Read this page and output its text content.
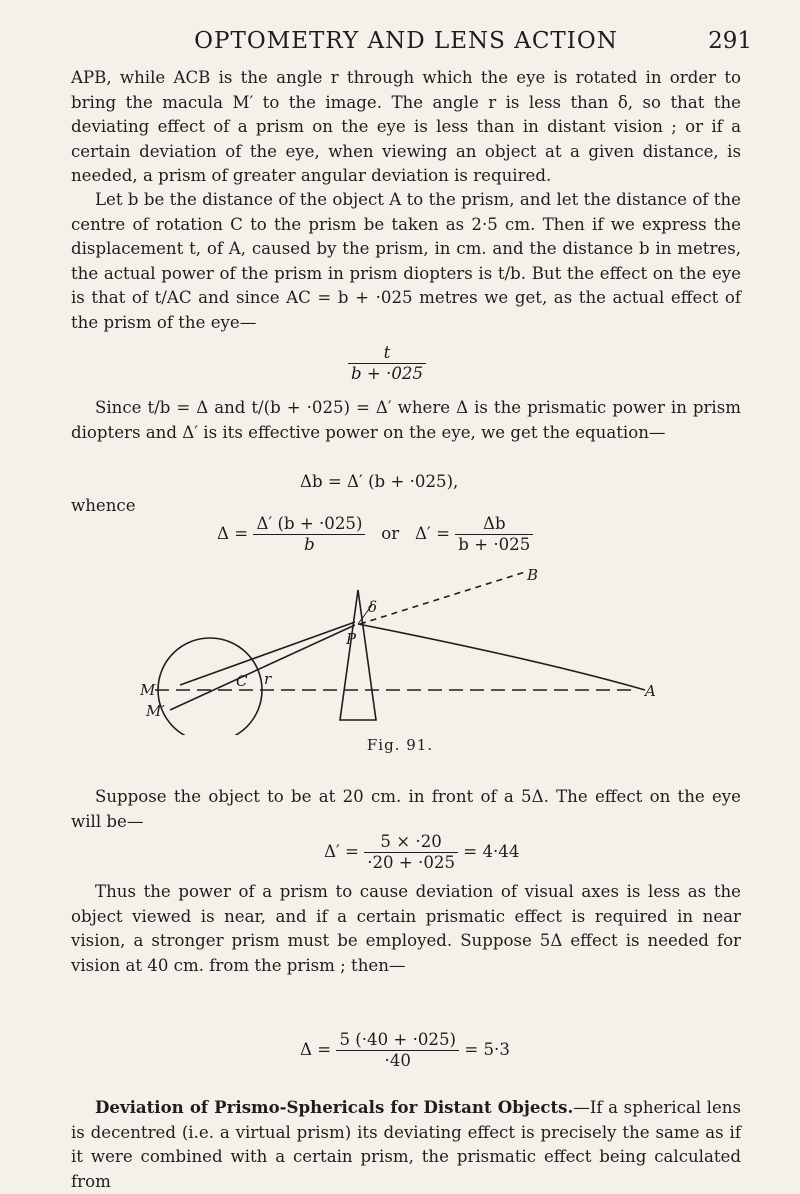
OPTOMETRY AND LENS ACTION	291

APB, while ACB is the angle r through which the eye is rotated in order to bring the macula M′ to the image. The angle r is less than δ, so that the deviating effect of a prism on the eye is less than in distant vision ; or if a certain deviation of the eye, when viewing an object at a given distance, is needed, a prism of greater angular deviation is required.

Let b be the distance of the object A to the prism, and let the distance of the centre of rotation C to the prism be taken as 2·5 cm. Then if we express the displacement t, of A, caused by the prism, in cm. and the distance b in metres, the actual power of the prism in prism diopters is t/b. But the effect on the eye is that of t/AC and since AC = b + ·025 metres we get, as the actual effect of the prism of the eye—

$\frac{t}{b + \cdot 025}$

Since t/b = Δ and t/(b + ·025) = Δ′ where Δ is the prismatic power in prism diopters and Δ′ is its effective power on the eye, we get the equation—

Δb = Δ′ (b + ·025),
whence
$\Delta = \frac{\Delta' (b + \cdot 025)}{b}$ or $\Delta' = \frac{\Delta b}{b + \cdot 025}$
B
δ
P
M
M′
C r
A
Fig. 91.

Suppose the object to be at 20 cm. in front of a 5Δ. The effect on the eye will be—

$\Delta' = \frac{5 \times \cdot 20}{\cdot 20 + \cdot 025} = 4\cdot 44$

Thus the power of a prism to cause deviation of visual axes is less as the object viewed is near, and if a certain prismatic effect is required in near vision, a stronger prism must be employed. Suppose 5Δ effect is needed for vision at 40 cm. from the prism ; then—

$\Delta = \frac{5 (\cdot 40 + \cdot 025)}{\cdot 40} = 5\cdot 3$

Deviation of Prismo-Sphericals for Distant Objects.—If a spherical lens is decentred (i.e. a virtual prism) its deviating effect is precisely the same as if it were combined with a certain prism, the prismatic effect being calculated from
